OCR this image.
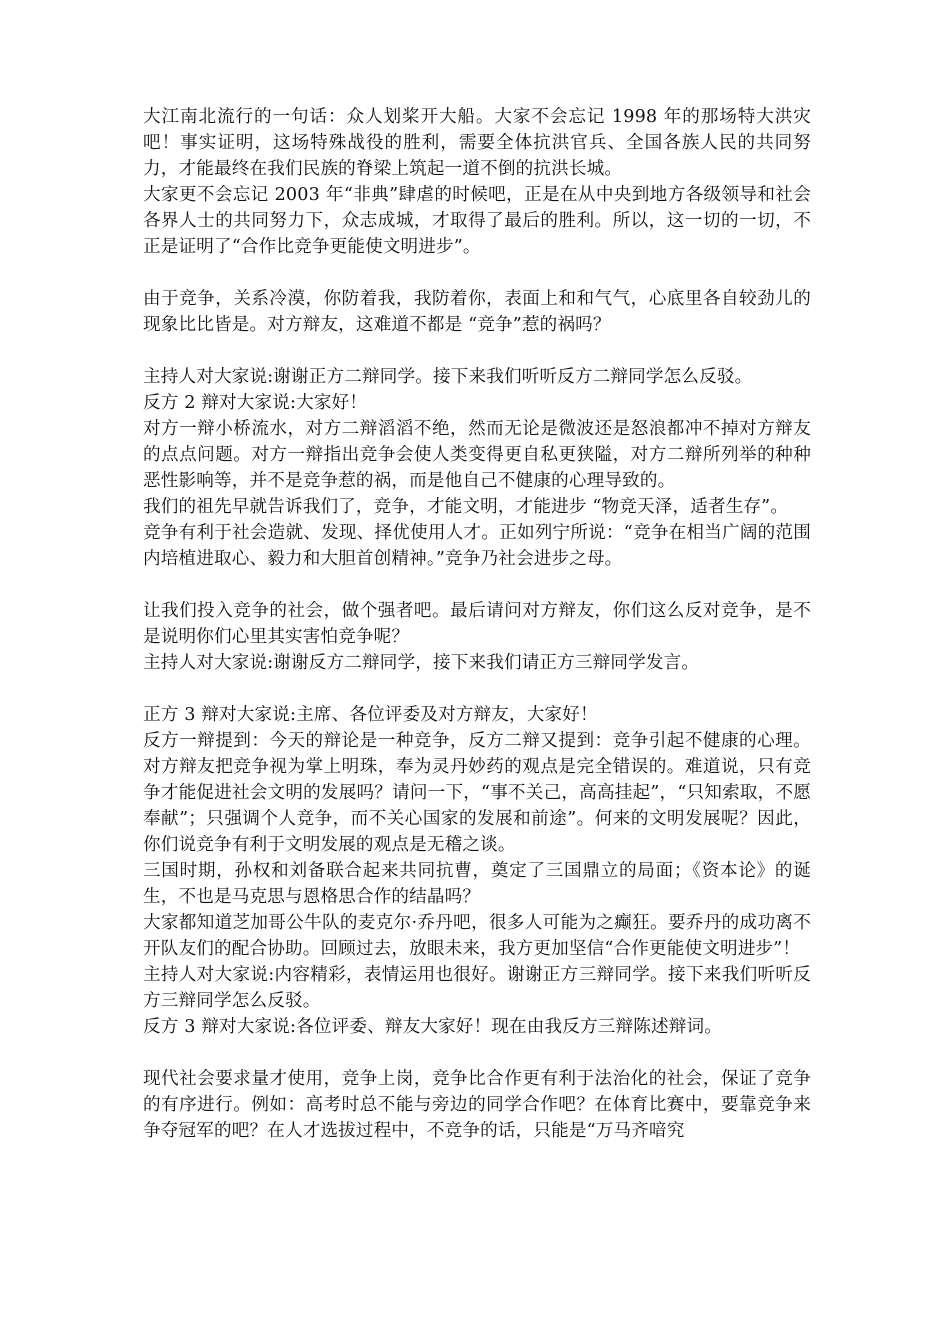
大江南北流行的一句话：众人划桨开大船。大家不会忘记 1998 年的那场特大洪灾吧！事实证明，这场特殊战役的胜利，需要全体抗洪官兵、全国各族人民的共同努力，才能最终在我们民族的脊梁上筑起一道不倒的抗洪长城。

大家更不会忘记 2003 年“非典”肆虐的时候吧，正是在从中央到地方各级领导和社会各界人士的共同努力下，众志成城，才取得了最后的胜利。所以，这一切的一切，不正是证明了“合作比竞争更能使文明进步”。

由于竞争，关系冷漠，你防着我，我防着你，表面上和和气气，心底里各自较劲儿的现象比比皆是。对方辩友，这难道不都是 “竞争”惹的祸吗？

主持人对大家说:谢谢正方二辩同学。接下来我们听听反方二辩同学怎么反驳。

反方 2 辩对大家说:大家好！

对方一辩小桥流水，对方二辩滔滔不绝，然而无论是微波还是怒浪都冲不掉对方辩友的点点问题。对方一辩指出竞争会使人类变得更自私更狭隘，对方二辩所列举的种种恶性影响等，并不是竞争惹的祸，而是他自己不健康的心理导致的。

我们的祖先早就告诉我们了，竞争，才能文明，才能进步 “物竞天泽，适者生存”。

竞争有利于社会造就、发现、择优使用人才。正如列宁所说：“竞争在相当广阔的范围内培植进取心、毅力和大胆首创精神。”竞争乃社会进步之母。

让我们投入竞争的社会，做个强者吧。最后请问对方辩友，你们这么反对竞争，是不是说明你们心里其实害怕竞争呢？

主持人对大家说:谢谢反方二辩同学，接下来我们请正方三辩同学发言。

正方 3 辩对大家说:主席、各位评委及对方辩友，大家好！

反方一辩提到：今天的辩论是一种竞争，反方二辩又提到：竞争引起不健康的心理。对方辩友把竞争视为掌上明珠，奉为灵丹妙药的观点是完全错误的。难道说，只有竞争才能促进社会文明的发展吗？请问一下，“事不关己，高高挂起”，“只知索取，不愿奉献”；只强调个人竞争，而不关心国家的发展和前途”。何来的文明发展呢？因此，你们说竞争有利于文明发展的观点是无稽之谈。

三国时期，孙权和刘备联合起来共同抗曹，奠定了三国鼎立的局面；《资本论》的诞生，不也是马克思与恩格思合作的结晶吗？

大家都知道芝加哥公牛队的麦克尔·乔丹吧，很多人可能为之癫狂。要乔丹的成功离不开队友们的配合协助。回顾过去，放眼未来，我方更加坚信“合作更能使文明进步”！

主持人对大家说:内容精彩，表情运用也很好。谢谢正方三辩同学。接下来我们听听反方三辩同学怎么反驳。

反方 3 辩对大家说:各位评委、辩友大家好！现在由我反方三辩陈述辩词。

现代社会要求量才使用，竞争上岗，竞争比合作更有利于法治化的社会，保证了竞争的有序进行。例如：高考时总不能与旁边的同学合作吧？在体育比赛中，要靠竞争来争夺冠军的吧？在人才选拔过程中，不竞争的话，只能是“万马齐喑究
